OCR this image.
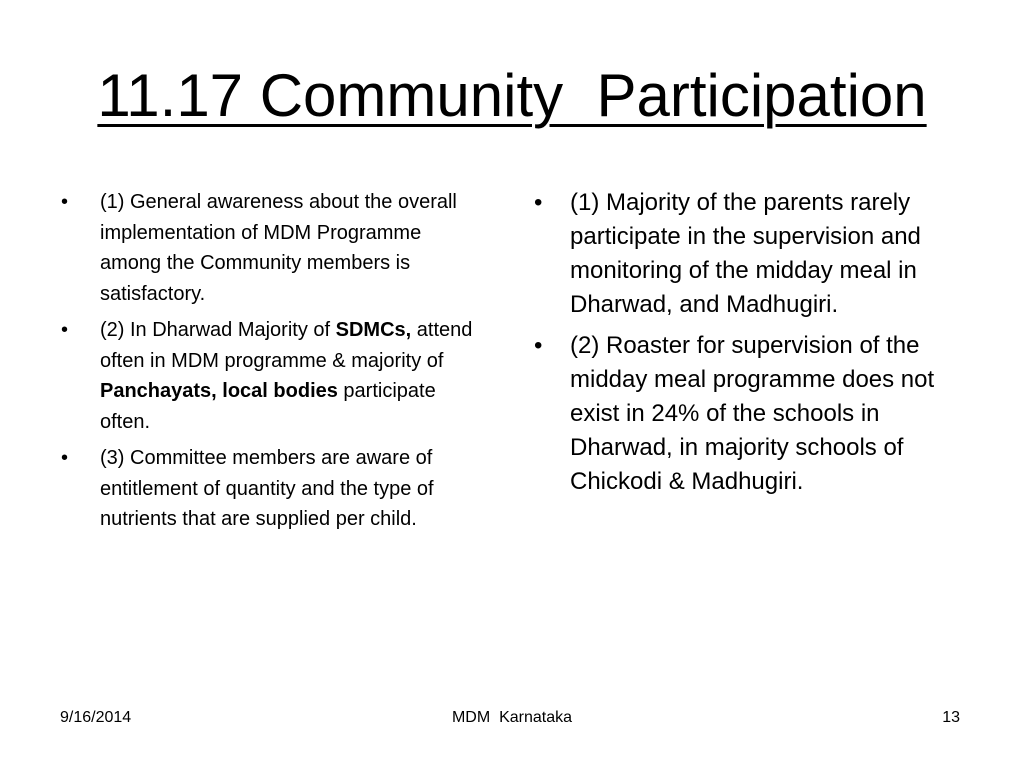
11.17 Community  Participation
• (1) General awareness about the overall implementation of MDM Programme among the Community members is satisfactory.
• (2) In Dharwad Majority of SDMCs, attend often in MDM programme & majority of Panchayats, local bodies participate often.
• (3) Committee members are aware of entitlement of quantity and the type of nutrients that are supplied per child.
• (1) Majority of the parents rarely participate in the supervision and monitoring of the midday meal in Dharwad, and Madhugiri.
• (2) Roaster for supervision of the midday meal programme does not exist in 24% of the schools in Dharwad, in majority schools of Chickodi & Madhugiri.
9/16/2014	MDM  Karnataka	13
